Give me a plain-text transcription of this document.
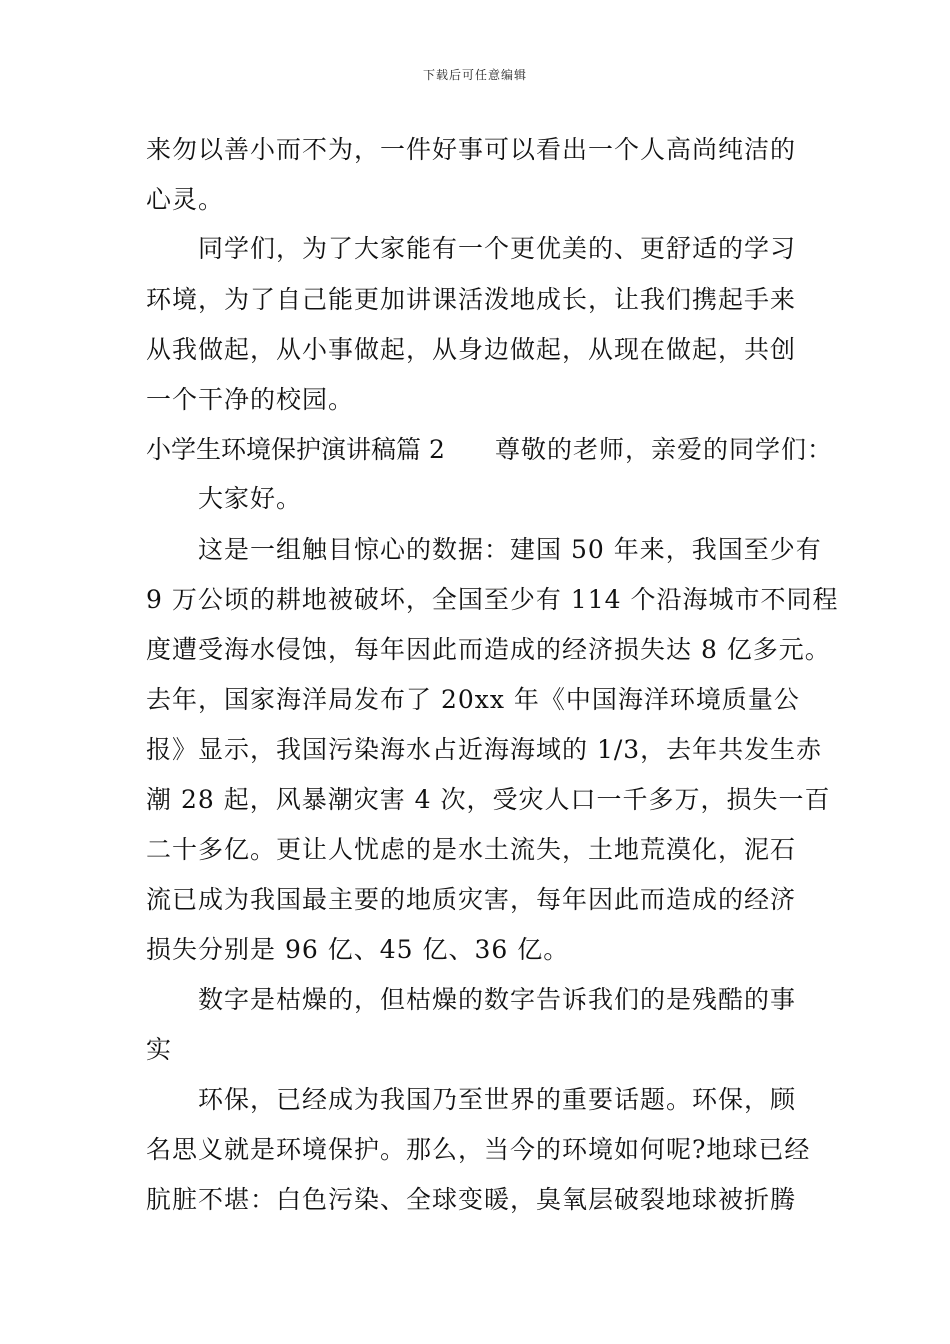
下载后可任意编辑
来勿以善小而不为，一件好事可以看出一个人高尚纯洁的
心灵。
同学们，为了大家能有一个更优美的、更舒适的学习
环境，为了自己能更加讲课活泼地成长，让我们携起手来
从我做起，从小事做起，从身边做起，从现在做起，共创
一个干净的校园。
小学生环境保护演讲稿篇 2 尊敬的老师，亲爱的同学们：
大家好。
这是一组触目惊心的数据：建国 50 年来，我国至少有
9 万公顷的耕地被破坏，全国至少有 114 个沿海城市不同程
度遭受海水侵蚀，每年因此而造成的经济损失达 8 亿多元。
去年，国家海洋局发布了 20xx 年《中国海洋环境质量公
报》显示，我国污染海水占近海海域的 1/3，去年共发生赤
潮 28 起，风暴潮灾害 4 次，受灾人口一千多万，损失一百
二十多亿。更让人忧虑的是水土流失，土地荒漠化，泥石
流已成为我国最主要的地质灾害，每年因此而造成的经济
损失分别是 96 亿、45 亿、36 亿。
数字是枯燥的，但枯燥的数字告诉我们的是残酷的事
实
环保，已经成为我国乃至世界的重要话题。环保，顾
名思义就是环境保护。那么，当今的环境如何呢?地球已经
肮脏不堪：白色污染、全球变暖，臭氧层破裂地球被折腾
